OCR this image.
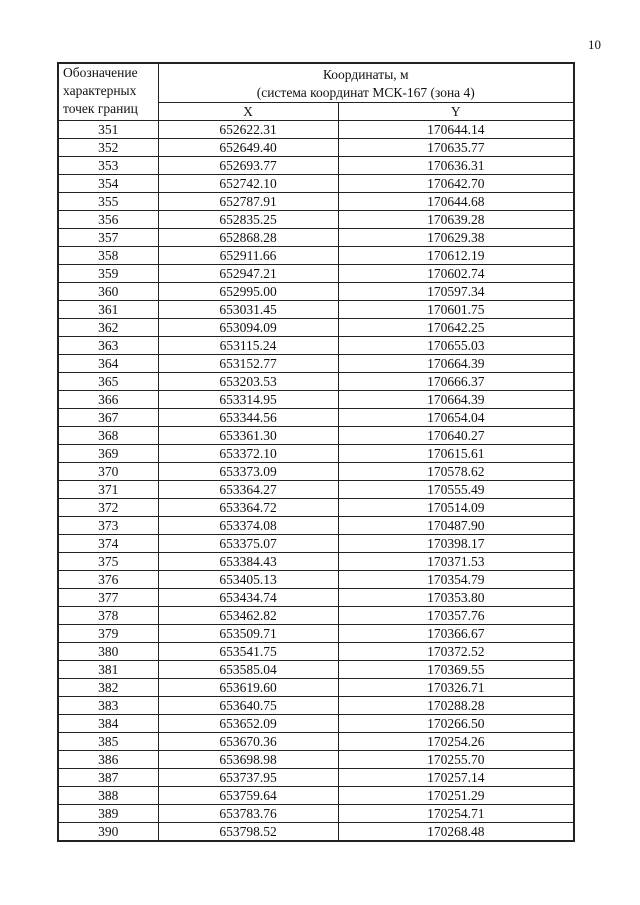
10
Обозначение
характерных
точек границ	Координаты, м
(система координат МСК-167 (зона 4)	
	X	Y
351	652622.31	170644.14
352	652649.40	170635.77
353	652693.77	170636.31
354	652742.10	170642.70
355	652787.91	170644.68
356	652835.25	170639.28
357	652868.28	170629.38
358	652911.66	170612.19
359	652947.21	170602.74
360	652995.00	170597.34
361	653031.45	170601.75
362	653094.09	170642.25
363	653115.24	170655.03
364	653152.77	170664.39
365	653203.53	170666.37
366	653314.95	170664.39
367	653344.56	170654.04
368	653361.30	170640.27
369	653372.10	170615.61
370	653373.09	170578.62
371	653364.27	170555.49
372	653364.72	170514.09
373	653374.08	170487.90
374	653375.07	170398.17
375	653384.43	170371.53
376	653405.13	170354.79
377	653434.74	170353.80
378	653462.82	170357.76
379	653509.71	170366.67
380	653541.75	170372.52
381	653585.04	170369.55
382	653619.60	170326.71
383	653640.75	170288.28
384	653652.09	170266.50
385	653670.36	170254.26
386	653698.98	170255.70
387	653737.95	170257.14
388	653759.64	170251.29
389	653783.76	170254.71
390	653798.52	170268.48
